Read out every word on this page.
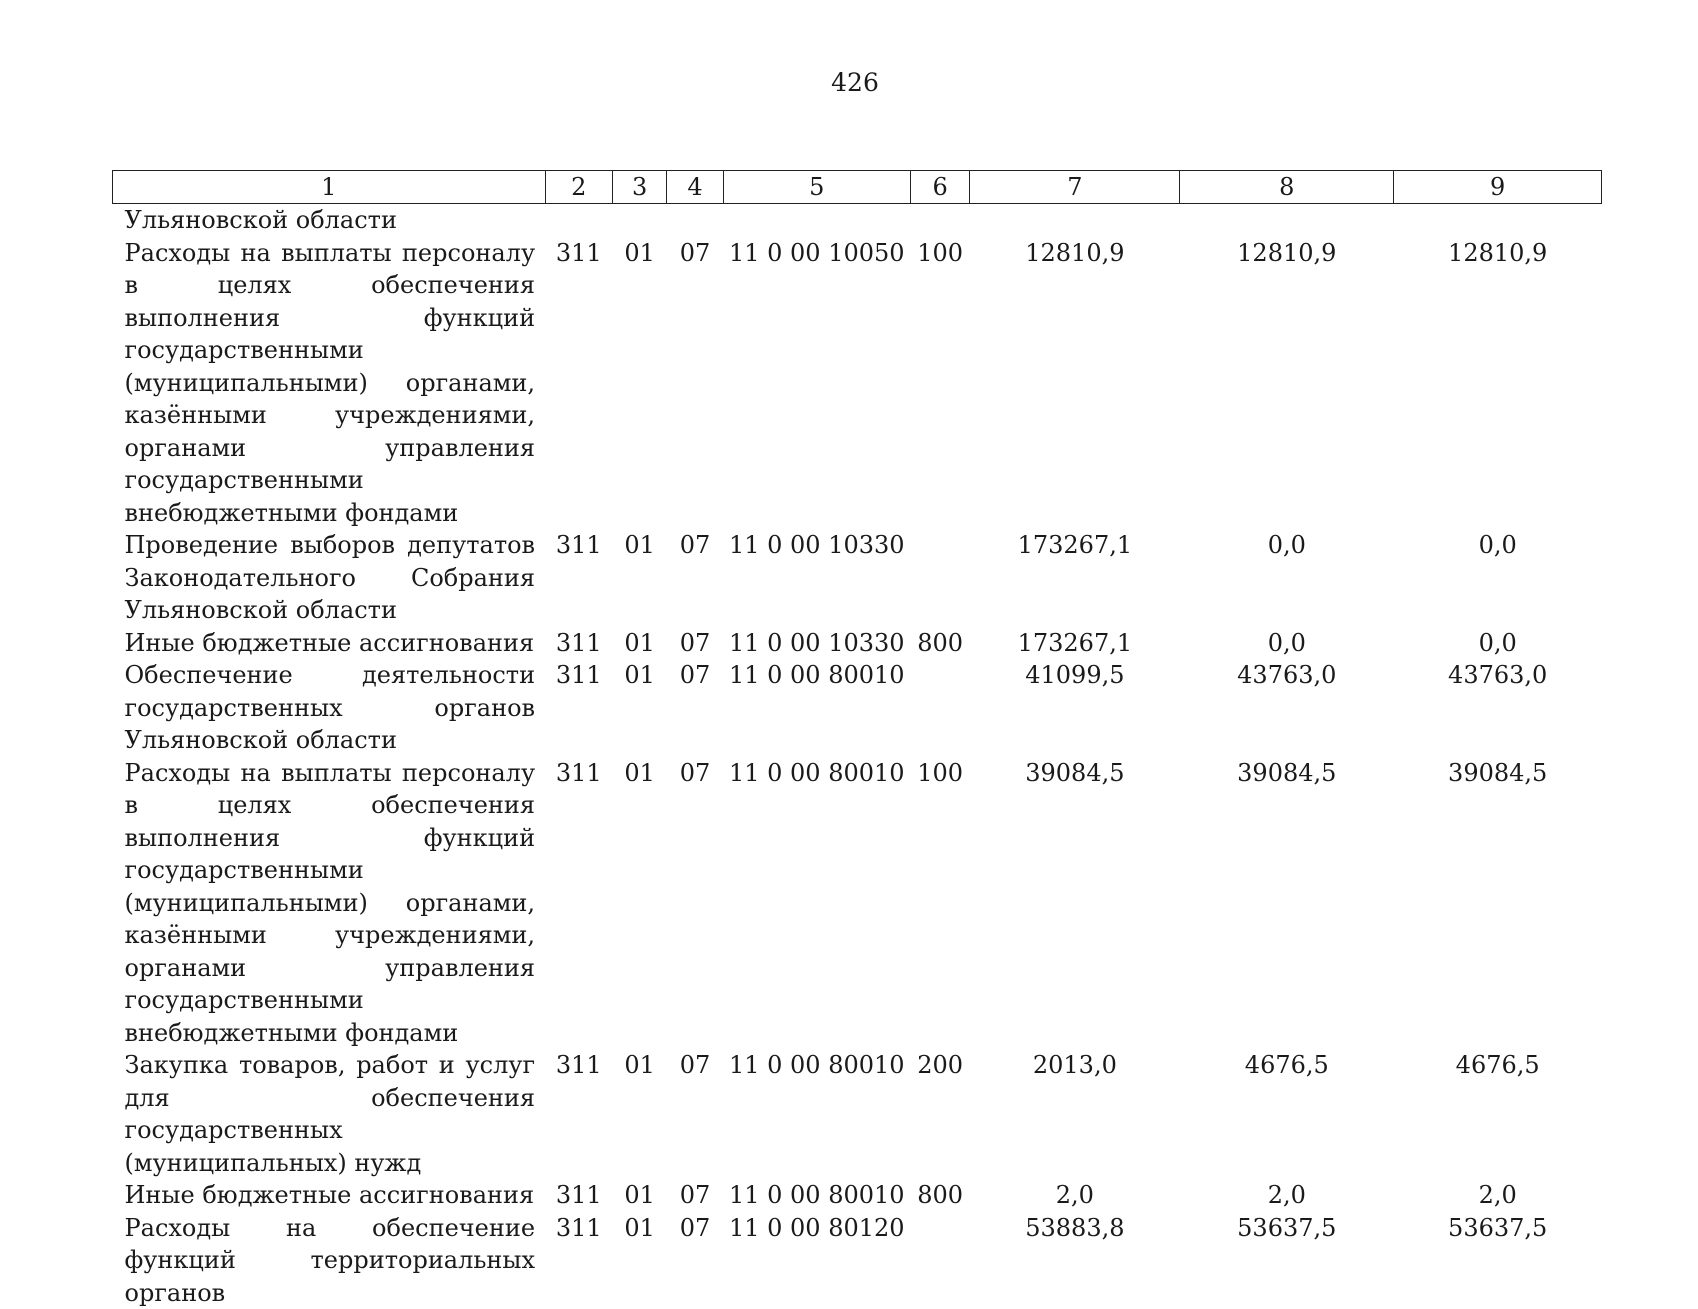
426
1	2	3	4	5	6	7	8	9
Ульяновской области								
Расходы на выплаты персоналу в целях обеспечения выполнения функций государственными (муниципальными) органами, казёнными учреждениями, органами управления государственными внебюджетными фондами	311	01	07	11 0 00 10050	100	12810,9	12810,9	12810,9
Проведение выборов депутатов Законодательного Собрания Ульяновской области	311	01	07	11 0 00 10330		173267,1	0,0	0,0
Иные бюджетные ассигнования	311	01	07	11 0 00 10330	800	173267,1	0,0	0,0
Обеспечение деятельности государственных органов Ульяновской области	311	01	07	11 0 00 80010		41099,5	43763,0	43763,0
Расходы на выплаты персоналу в целях обеспечения выполнения функций государственными (муниципальными) органами, казёнными учреждениями, органами управления государственными внебюджетными фондами	311	01	07	11 0 00 80010	100	39084,5	39084,5	39084,5
Закупка товаров, работ и услуг для обеспечения государственных (муниципальных) нужд	311	01	07	11 0 00 80010	200	2013,0	4676,5	4676,5
Иные бюджетные ассигнования	311	01	07	11 0 00 80010	800	2,0	2,0	2,0
Расходы на обеспечение функций территориальных органов	311	01	07	11 0 00 80120		53883,8	53637,5	53637,5
